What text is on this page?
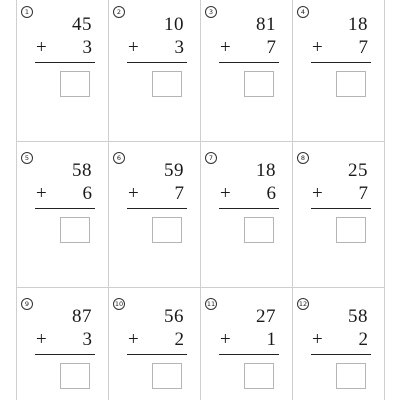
1
45
+ 3
2
10
+ 3
3
81
+ 7
4
18
+ 7
5
58
+ 6
6
59
+ 7
7
18
+ 6
8
25
+ 7
9
87
+ 3
10
56
+ 2
11
27
+ 1
12
58
+ 2
